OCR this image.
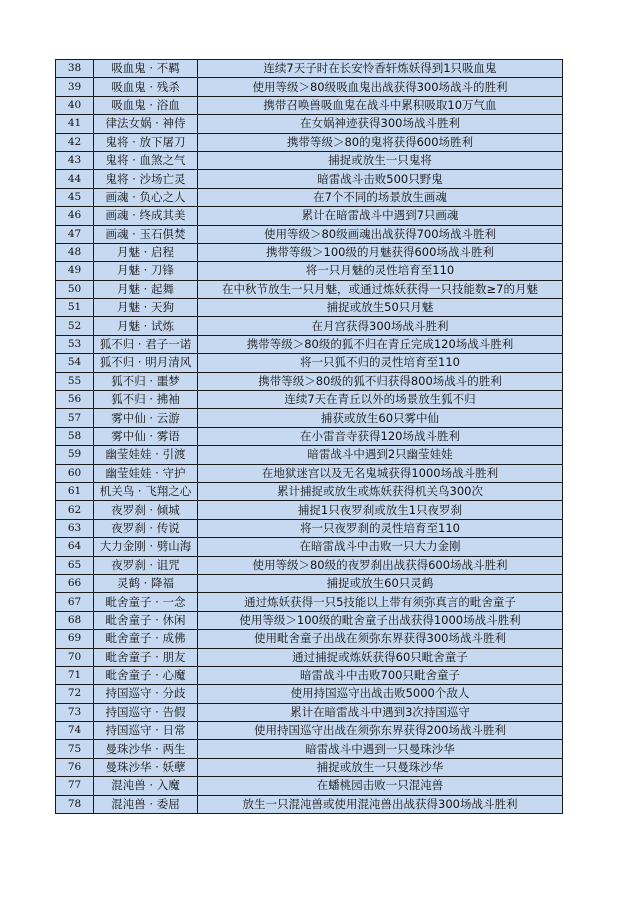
38	吸血鬼 · 不羁	连续7天子时在长安怜香轩炼妖得到1只吸血鬼
39	吸血鬼 · 残杀	使用等级＞80级吸血鬼出战获得300场战斗的胜利
40	吸血鬼 · 浴血	携带召唤兽吸血鬼在战斗中累积吸取10万气血
41	律法女娲 · 神侍	在女娲神迹获得300场战斗胜利
42	鬼将 · 放下屠刀	携带等级＞80的鬼将获得600场胜利
43	鬼将 · 血煞之气	捕捉或放生一只鬼将
44	鬼将 · 沙场亡灵	暗雷战斗击败500只野鬼
45	画魂 · 负心之人	在7个不同的场景放生画魂
46	画魂 · 终成其美	累计在暗雷战斗中遇到7只画魂
47	画魂 · 玉石俱焚	使用等级＞80级画魂出战获得700场战斗胜利
48	月魅 · 启程	携带等级＞100级的月魅获得600场战斗胜利
49	月魅 · 刀锋	将一只月魅的灵性培育至110
50	月魅 · 起舞	在中秋节放生一只月魅，或通过炼妖获得一只技能数≥7的月魅
51	月魅 · 天狗	捕捉或放生50只月魅
52	月魅 · 试炼	在月宫获得300场战斗胜利
53	狐不归 · 君子一诺	携带等级＞80级的狐不归在青丘完成120场战斗胜利
54	狐不归 · 明月清风	将一只狐不归的灵性培育至110
55	狐不归 · 噩梦	携带等级＞80级的狐不归获得800场战斗的胜利
56	狐不归 · 拂袖	连续7天在青丘以外的场景放生狐不归
57	雾中仙 · 云游	捕获或放生60只雾中仙
58	雾中仙 · 雾语	在小雷音寺获得120场战斗胜利
59	幽莹娃娃 · 引渡	暗雷战斗中遇到2只幽莹娃娃
60	幽莹娃娃 · 守护	在地狱迷宫以及无名鬼城获得1000场战斗胜利
61	机关鸟 · 飞翔之心	累计捕捉或放生或炼妖获得机关鸟300次
62	夜罗刹 · 倾城	捕捉1只夜罗刹或放生1只夜罗刹
63	夜罗刹 · 传说	将一只夜罗刹的灵性培育至110
64	大力金刚 · 劈山海	在暗雷战斗中击败一只大力金刚
65	夜罗刹 · 诅咒	使用等级＞80级的夜罗刹出战获得600场战斗胜利
66	灵鹤 · 降福	捕捉或放生60只灵鹤
67	毗舍童子 · 一念	通过炼妖获得一只5技能以上带有须弥真言的毗舍童子
68	毗舍童子 · 休闲	使用等级＞100级的毗舍童子出战获得1000场战斗胜利
69	毗舍童子 · 成佛	使用毗舍童子出战在须弥东界获得300场战斗胜利
70	毗舍童子 · 朋友	通过捕捉或炼妖获得60只毗舍童子
71	毗舍童子 · 心魔	暗雷战斗中击败700只毗舍童子
72	持国巡守 · 分歧	使用持国巡守出战击败5000个敌人
73	持国巡守 · 告假	累计在暗雷战斗中遇到3次持国巡守
74	持国巡守 · 日常	使用持国巡守出战在须弥东界获得200场战斗胜利
75	曼珠沙华 · 两生	暗雷战斗中遇到一只曼珠沙华
76	曼珠沙华 · 妖孽	捕捉或放生一只曼珠沙华
77	混沌兽 · 入魔	在蟠桃园击败一只混沌兽
78	混沌兽 · 委屈	放生一只混沌兽或使用混沌兽出战获得300场战斗胜利
